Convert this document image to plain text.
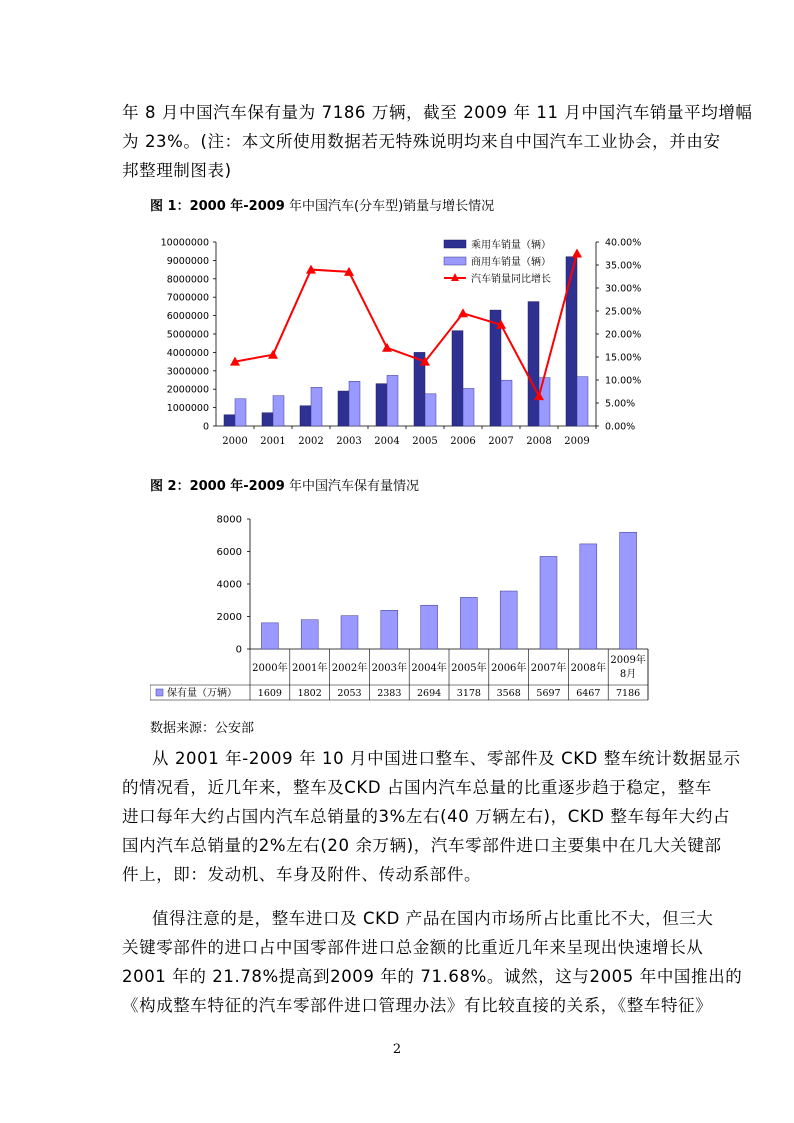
年 8 月中国汽车保有量为 7186 万辆，截至 2009 年 11 月中国汽车销量平均增幅
为 23%。(注：本文所使用数据若无特殊说明均来自中国汽车工业协会，并由安
邦整理制图表)
图 1：2000 年-2009 年中国汽车(分车型)销量与增长情况
10000000
9000000
8000000
7000000
6000000
5000000
4000000
3000000
2000000
1000000
0
40.00%
35.00%
30.00%
25.00%
20.00%
15.00%
10.00%
5.00%
0.00%
2000 2001 2002 2003 2004 2005 2006 2007 2008 2009
乘用车销量（辆）
商用车销量（辆）
汽车销量同比增长
图 2：2000 年-2009 年中国汽车保有量情况
8000
6000
4000
2000
0
2000年
1609
2001年
1802
2002年
2053
2003年
2383
2004年
2694
2005年
3178
2006年
3568
2007年
5697
2008年
6467
2009年
8月
7186
保有量（万辆）
数据来源：公安部
从 2001 年-2009 年 10 月中国进口整车、零部件及 CKD 整车统计数据显示
的情况看，近几年来，整车及CKD 占国内汽车总量的比重逐步趋于稳定，整车
进口每年大约占国内汽车总销量的3%左右(40 万辆左右)，CKD 整车每年大约占
国内汽车总销量的2%左右(20 余万辆)，汽车零部件进口主要集中在几大关键部
件上，即：发动机、车身及附件、传动系部件。
值得注意的是，整车进口及 CKD 产品在国内市场所占比重比不大，但三大
关键零部件的进口占中国零部件进口总金额的比重近几年来呈现出快速增长从
2001 年的 21.78%提高到2009 年的 71.68%。诚然，这与2005 年中国推出的
《构成整车特征的汽车零部件进口管理办法》有比较直接的关系，《整车特征》
2
